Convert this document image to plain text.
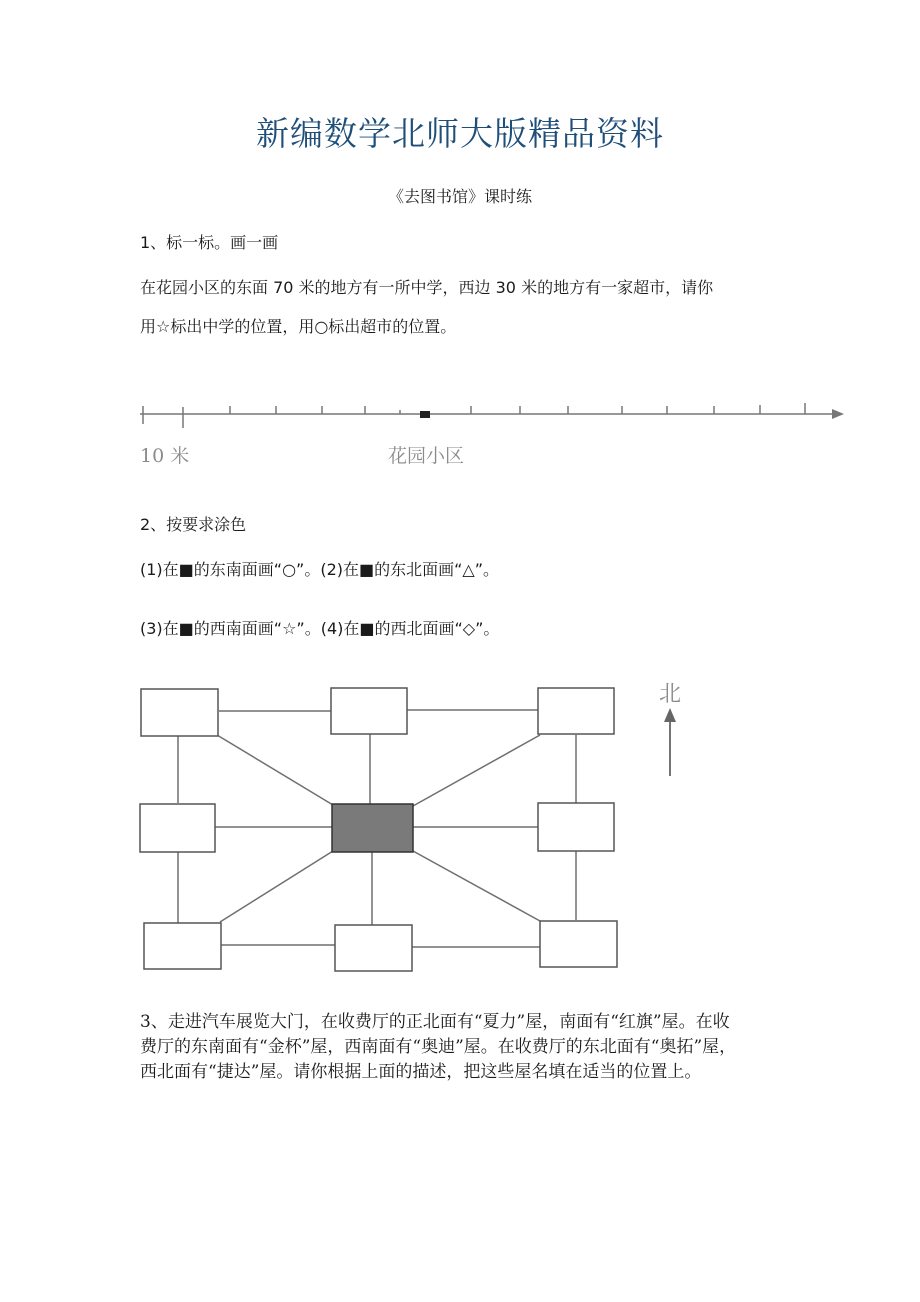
新编数学北师大版精品资料
《去图书馆》课时练
1、标一标。画一画
在花园小区的东面 70 米的地方有一所中学，西边 30 米的地方有一家超市，请你
用☆标出中学的位置，用○标出超市的位置。
10 米	花园小区
2、按要求涂色
(1)在■的东南面画“○”。(2)在■的东北面画“△”。
(3)在■的西南面画“☆”。(4)在■的西北面画“◇”。
北
3、走进汽车展览大门，在收费厅的正北面有“夏力”屋，南面有“红旗”屋。在收
费厅的东南面有“金杯”屋，西南面有“奥迪”屋。在收费厅的东北面有“奥拓”屋，
西北面有“捷达”屋。请你根据上面的描述，把这些屋名填在适当的位置上。
